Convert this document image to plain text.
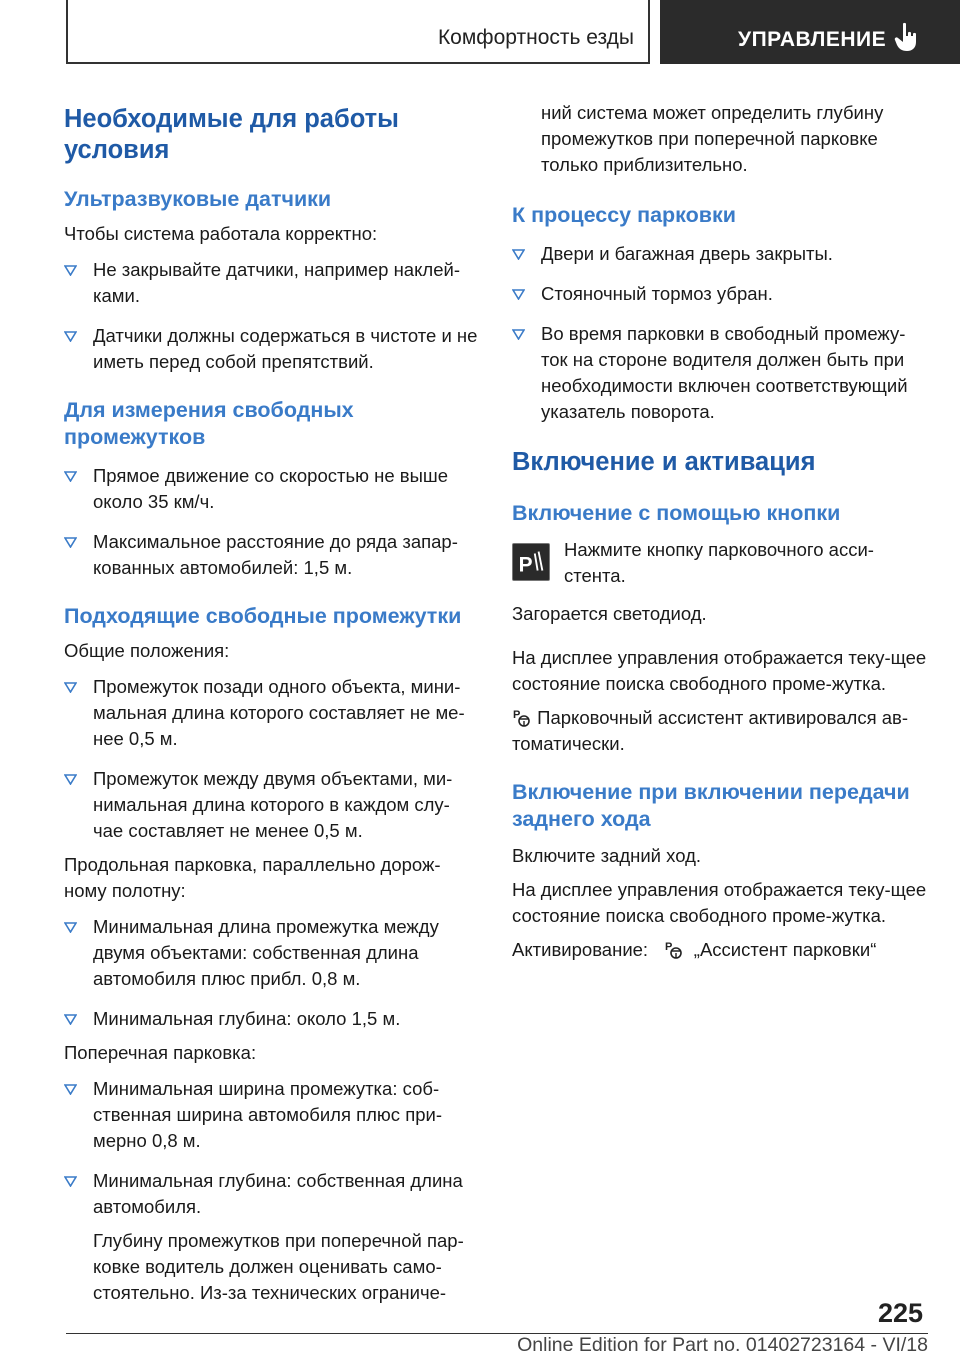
Комфортность езды	УПРАВЛЕНИЕ
Необходимые для работы условия
Ультразвуковые датчики

Чтобы система работала корректно:

Не закрывайте датчики, например наклей-ками.
Датчики должны содержаться в чистоте и не иметь перед собой препятствий.
Для измерения свободных промежутков
Прямое движение со скоростью не выше около 35 км/ч.
Максимальное расстояние до ряда запар-кованных автомобилей: 1,5 м.
Подходящие свободные промежутки

Общие положения:

Промежуток позади одного объекта, мини-мальная длина которого составляет не ме-нее 0,5 м.
Промежуток между двумя объектами, ми-нимальная длина которого в каждом слу-чае составляет не менее 0,5 м.

Продольная парковка, параллельно дорож-ному полотну:

Минимальная длина промежутка между двумя объектами: собственная длина автомобиля плюс прибл. 0,8 м.
Минимальная глубина: около 1,5 м.

Поперечная парковка:

Минимальная ширина промежутка: соб-ственная ширина автомобиля плюс при-мерно 0,8 м.
Минимальная глубина: собственная длина автомобиля.

Глубину промежутков при поперечной пар-ковке водитель должен оценивать само-стоятельно. Из-за технических ограниче-

ний система может определить глубину промежутков при поперечной парковке только приблизительно.

К процессу парковки
Двери и багажная дверь закрыты.
Стояночный тормоз убран.
Во время парковки в свободный промежу-ток на стороне водителя должен быть при необходимости включен соответствующий указатель поворота.
Включение и активация
Включение с помощью кнопки
P
Нажмите кнопку парковочного асси-стента.

Загорается светодиод.

На дисплее управления отображается теку-щее состояние поиска свободного проме-жутка.

P Парковочный ассистент активировался ав-томатически.

Включение при включении передачи заднего хода

Включите задний ход.

На дисплее управления отображается теку-щее состояние поиска свободного проме-жутка.

Активирование: P „Ассистент парковки“

225
Online Edition for Part no. 01402723164 - VI/18
